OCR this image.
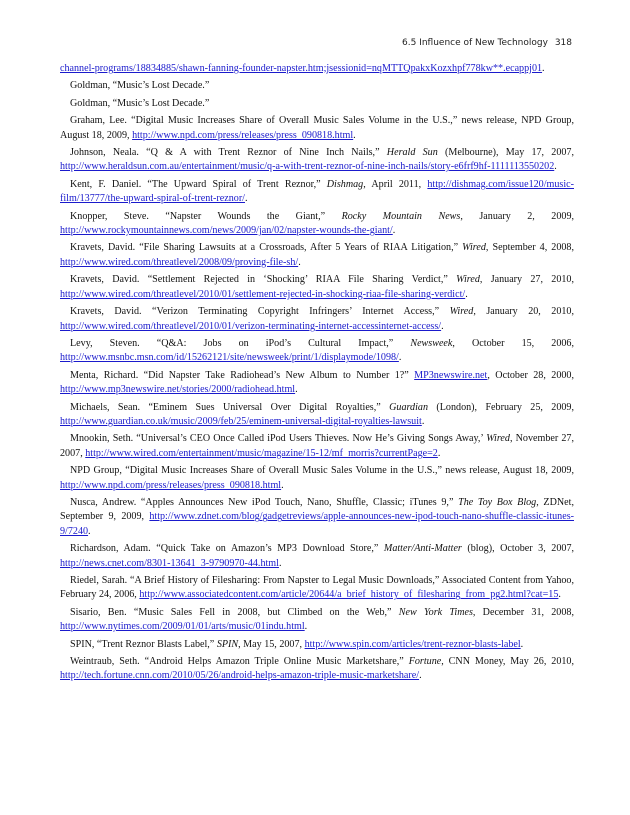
6.5 Influence of New Technology 318

channel-programs/18834885/shawn-fanning-founder-napster.htm;jsessionid=nqMTTQpakxKozxhpf778kw**.ecappj01.

Goldman, “Music’s Lost Decade.”

Goldman, “Music’s Lost Decade.”

Graham, Lee. “Digital Music Increases Share of Overall Music Sales Volume in the U.S.,” news release, NPD Group, August 18, 2009, http://www.npd.com/press/releases/press_090818.html.

Johnson, Neala. “Q & A with Trent Reznor of Nine Inch Nails,” Herald Sun (Melbourne), May 17, 2007, http://www.heraldsun.com.au/entertainment/music/q-a-with-trent-reznor-of-nine-inch-nails/story-e6frf9hf-1111113550202.

Kent, F. Daniel. “The Upward Spiral of Trent Reznor,” Dishmag, April 2011, http://dishmag.com/issue120/music-film/13777/the-upward-spiral-of-trent-reznor/.

Knopper, Steve. “Napster Wounds the Giant,” Rocky Mountain News, January 2, 2009, http://www.rockymountainnews.com/news/2009/jan/02/napster-wounds-the-giant/.

Kravets, David. “File Sharing Lawsuits at a Crossroads, After 5 Years of RIAA Litigation,” Wired, September 4, 2008, http://www.wired.com/threatlevel/2008/09/proving-file-sh/.

Kravets, David. “Settlement Rejected in ‘Shocking’ RIAA File Sharing Verdict,” Wired, January 27, 2010, http://www.wired.com/threatlevel/2010/01/settlement-rejected-in-shocking-riaa-file-sharing-verdict/.

Kravets, David. “Verizon Terminating Copyright Infringers’ Internet Access,” Wired, January 20, 2010, http://www.wired.com/threatlevel/2010/01/verizon-terminating-internet-accessinternet-access/.

Levy, Steven. “Q&A: Jobs on iPod’s Cultural Impact,” Newsweek, October 15, 2006, http://www.msnbc.msn.com/id/15262121/site/newsweek/print/1/displaymode/1098/.

Menta, Richard. “Did Napster Take Radiohead’s New Album to Number 1?” MP3newswire.net, October 28, 2000, http://www.mp3newswire.net/stories/2000/radiohead.html.

Michaels, Sean. “Eminem Sues Universal Over Digital Royalties,” Guardian (London), February 25, 2009, http://www.guardian.co.uk/music/2009/feb/25/eminem-universal-digital-royalties-lawsuit.

Mnookin, Seth. “Universal’s CEO Once Called iPod Users Thieves. Now He’s Giving Songs Away,’ Wired, November 27, 2007, http://www.wired.com/entertainment/music/magazine/15-12/mf_morris?currentPage=2.

NPD Group, “Digital Music Increases Share of Overall Music Sales Volume in the U.S.,” news release, August 18, 2009, http://www.npd.com/press/releases/press_090818.html.

Nusca, Andrew. “Apples Announces New iPod Touch, Nano, Shuffle, Classic; iTunes 9,” The Toy Box Blog, ZDNet, September 9, 2009, http://www.zdnet.com/blog/gadgetreviews/apple-announces-new-ipod-touch-nano-shuffle-classic-itunes-9/7240.

Richardson, Adam. “Quick Take on Amazon’s MP3 Download Store,” Matter/Anti-Matter (blog), October 3, 2007, http://news.cnet.com/8301-13641_3-9790970-44.html.

Riedel, Sarah. “A Brief History of Filesharing: From Napster to Legal Music Downloads,” Associated Content from Yahoo, February 24, 2006, http://www.associatedcontent.com/article/20644/a_brief_history_of_filesharing_from_pg2.html?cat=15.

Sisario, Ben. “Music Sales Fell in 2008, but Climbed on the Web,” New York Times, December 31, 2008, http://www.nytimes.com/2009/01/01/arts/music/01indu.html.

SPIN, “Trent Reznor Blasts Label,” SPIN, May 15, 2007, http://www.spin.com/articles/trent-reznor-blasts-label.

Weintraub, Seth. “Android Helps Amazon Triple Online Music Marketshare,” Fortune, CNN Money, May 26, 2010, http://tech.fortune.cnn.com/2010/05/26/android-helps-amazon-triple-music-marketshare/.
